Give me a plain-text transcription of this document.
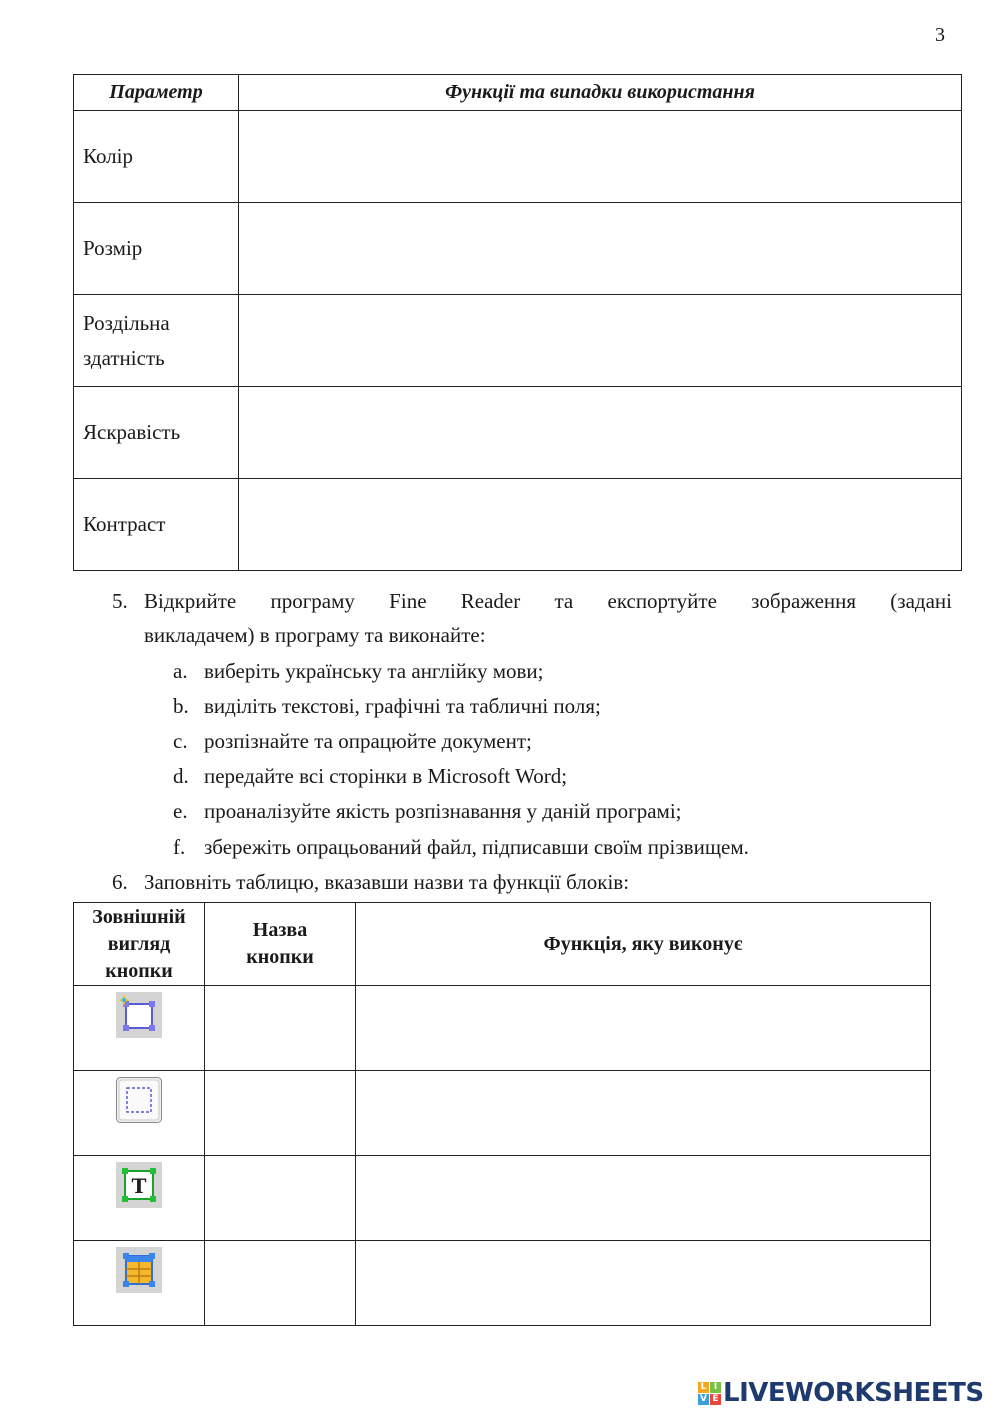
3
Параметр	Функції та випадки використання
Колір	
Розмір	
Роздільна здатність	
Яскравість	
Контраст	
5. Відкрийте програму Fine Reader та експортуйте зображення (задані
викладачем) в програму та виконайте:
a. виберіть українську та англійку мови;
b. виділіть текстові, графічні та табличні поля;
c. розпізнайте та опрацюйте документ;
d. передайте всі сторінки в Microsoft Word;
e. проаналізуйте якість розпізнавання у даній програмі;
f. збережіть опрацьований файл, підписавши своїм прізвищем.
6. Заповніть таблицю, вказавши назви та функції блоків:
Зовнішній вигляд кнопки	Назва кнопки	Функція, яку виконує

T		

L I
V E LIVEWORKSHEETS
